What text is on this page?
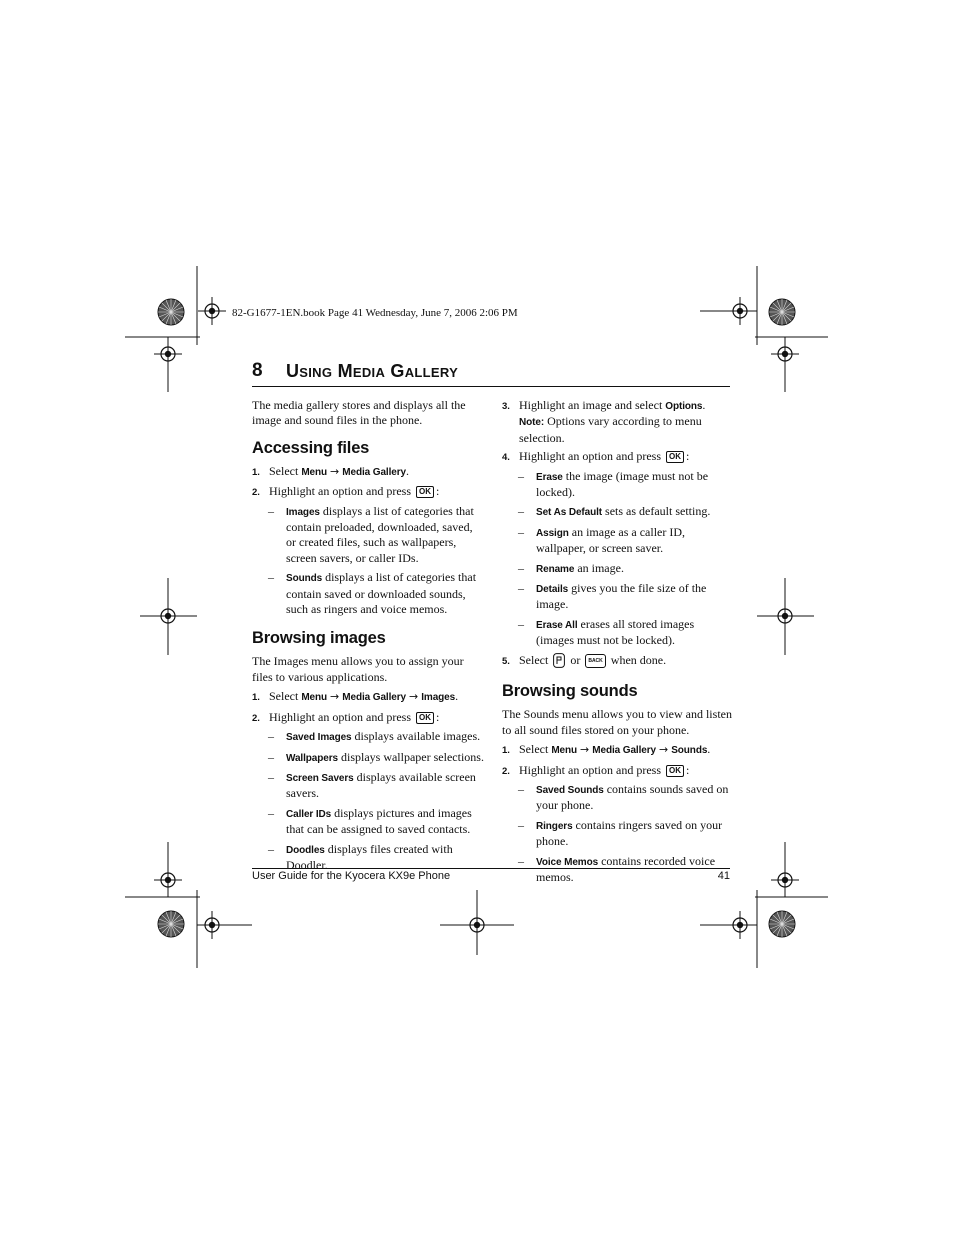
82-G1677-1EN.book Page 41 Wednesday, June 7, 2006 2:06 PM
8 Using Media Gallery

The media gallery stores and displays all the image and sound files in the phone.

Accessing files
1. Select Menu → Media Gallery.
2. Highlight an option and press OK :
– Images displays a list of categories that contain preloaded, downloaded, saved, or created files, such as wallpapers, screen savers, or caller IDs.
– Sounds displays a list of categories that contain saved or downloaded sounds, such as ringers and voice memos.
Browsing images

The Images menu allows you to assign your files to various applications.

1. Select Menu → Media Gallery → Images.
2. Highlight an option and press OK :
– Saved Images displays available images.
– Wallpapers displays wallpaper selections.
– Screen Savers displays available screen savers.
– Caller IDs displays pictures and images that can be assigned to saved contacts.
– Doodles displays files created with Doodler.
3. Highlight an image and select Options.
Note: Options vary according to menu selection.
4. Highlight an option and press OK :
– Erase the image (image must not be locked).
– Set As Default sets as default setting.
– Assign an image as a caller ID, wallpaper, or screen saver.
– Rename an image.
– Details gives you the file size of the image.
– Erase All erases all stored images (images must not be locked).
5. Select  or BACK when done.
Browsing sounds

The Sounds menu allows you to view and listen to all sound files stored on your phone.

1. Select Menu → Media Gallery → Sounds.
2. Highlight an option and press OK :
– Saved Sounds contains sounds saved on your phone.
– Ringers contains ringers saved on your phone.
– Voice Memos contains recorded voice memos.
User Guide for the Kyocera KX9e Phone	41
